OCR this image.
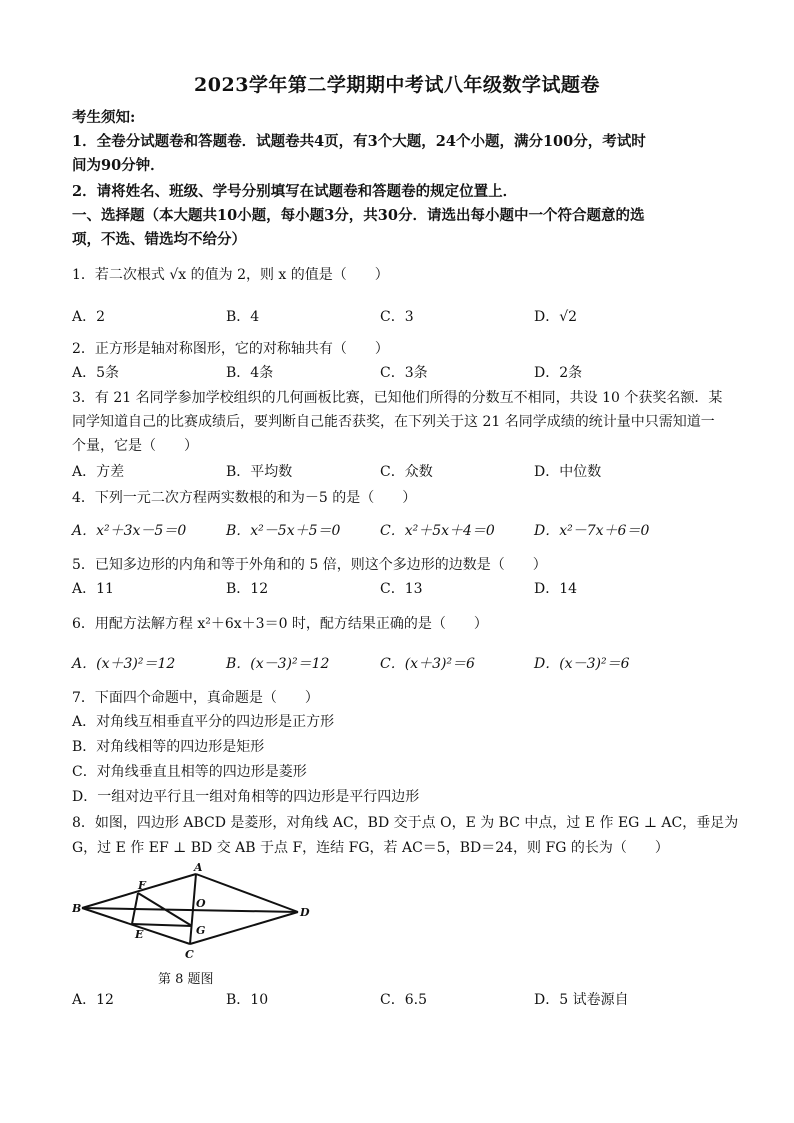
2023学年第二学期期中考试八年级数学试题卷
考生须知:
1．全卷分试题卷和答题卷．试题卷共4页，有3个大题，24个小题，满分100分，考试时
间为90分钟．
2．请将姓名、班级、学号分别填写在试题卷和答题卷的规定位置上．
一、选择题（本大题共10小题，每小题3分，共30分．请选出每小题中一个符合题意的选
项，不选、错选均不给分）
1．若二次根式 √x 的值为 2，则 x 的值是（　　）
A．2	B．4	C．3	D．√2
2．正方形是轴对称图形，它的对称轴共有（　　）
A．5条	B．4条	C．3条	D．2条
3．有 21 名同学参加学校组织的几何画板比赛，已知他们所得的分数互不相同，共设 10 个获奖名额．某
同学知道自己的比赛成绩后，要判断自己能否获奖，在下列关于这 21 名同学成绩的统计量中只需知道一
个量，它是（　　）
A．方差	B．平均数	C．众数	D．中位数
4．下列一元二次方程两实数根的和为－5 的是（　　）
A．x²＋3x－5＝0	B．x²－5x＋5＝0	C．x²＋5x＋4＝0	D．x²－7x＋6＝0
5．已知多边形的内角和等于外角和的 5 倍，则这个多边形的边数是（　　）
A．11	B．12	C．13	D．14
6．用配方法解方程 x²＋6x＋3＝0 时，配方结果正确的是（　　）
A．(x＋3)²＝12	B．(x－3)²＝12	C．(x＋3)²＝6	D．(x－3)²＝6
7．下面四个命题中，真命题是（　　）
A．对角线互相垂直平分的四边形是正方形
B．对角线相等的四边形是矩形
C．对角线垂直且相等的四边形是菱形
D．一组对边平行且一组对角相等的四边形是平行四边形
8．如图，四边形 ABCD 是菱形，对角线 AC，BD 交于点 O，E 为 BC 中点，过 E 作 EG ⊥ AC，垂足为
G，过 E 作 EF ⊥ BD 交 AB 于点 F，连结 FG，若 AC＝5，BD＝24，则 FG 的长为（　　）
A
B
C
D
E
F
G
O
第 8 题图
A．12	B．10	C．6.5	D．5 试卷源自
